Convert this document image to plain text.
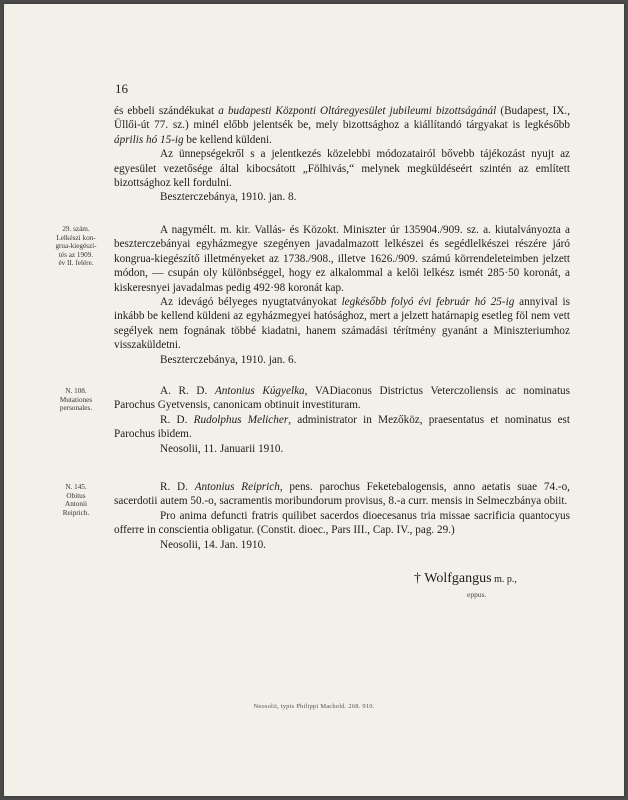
16

és ebbeli szándékukat a budapesti Központi Oltáregyesület jubileumi bizottságánál (Budapest, IX., Üllői-út 77. sz.) minél előbb jelentsék be, mely bizottsághoz a kiállítandó tárgyakat is legkésőbb április hó 15-ig be kellend küldeni.

Az ünnepségekről s a jelentkezés közelebbi módozatairól bővebb tájékozást nyujt az egyesület vezetősége által kibocsátott „Fölhivás,“ melynek megküldéseért szintén az említett bizottsághoz kell fordulni.

Beszterczebánya, 1910. jan. 8.

29. szám.
Lelkészi kon-
grua-kiegészí-
tés az 1909.
év II. felére.

A nagymélt. m. kir. Vallás- és Közokt. Miniszter úr 135904./909. sz. a. kiutalványozta a beszterczebányai egyházmegye szegényen javadalmazott lelkészei és segédlelkészei részére járó kongrua-kiegészítő illetményeket az 1738./908., illetve 1626./909. számú körrendeleteimben jelzett módon, — csupán oly különbséggel, hogy ez alkalommal a kelői lelkész ismét 285·50 koronát, a kiskeresnyei javadalmas pedig 492·98 koronát kap.

Az idevágó bélyeges nyugtatványokat legkésőbb folyó évi február hó 25-ig annyival is inkább be kellend küldeni az egyházmegyei hatósághoz, mert a jelzett határnapig esetleg föl nem vett segélyek nem fognának többé kiadatni, hanem számadási térítmény gyanánt a Miniszteriumhoz visszaküldetni.

Beszterczebánya, 1910. jan. 6.

N. 108.
Mutationes
personales.

A. R. D. Antonius Kúgyelka, VADiaconus Districtus Veterczoliensis ac nominatus Parochus Gyetvensis, canonicam obtinuit investituram.

R. D. Rudolphus Melicher, administrator in Mezőköz, praesentatus et nominatus est Parochus ibidem.

Neosolii, 11. Januarii 1910.

N. 145.
Obitus
Antonii
Reiprich.

R. D. Antonius Reiprich, pens. parochus Feketebalogensis, anno aetatis suae 74.-o, sacerdotii autem 50.-o, sacramentis moribundorum provisus, 8.-a curr. mensis in Selmeczbánya obiit.

Pro anima defuncti fratris quilibet sacerdos dioecesanus tria missae sacrificia quantocyus offerre in conscientia obligatur. (Constit. dioec., Pars III., Cap. IV., pag. 29.)

Neosolii, 14. Jan. 1910.

† Wolfgangus m. p.,
eppus.
Neosolii, typis Philippi Machold. 268. 910.
